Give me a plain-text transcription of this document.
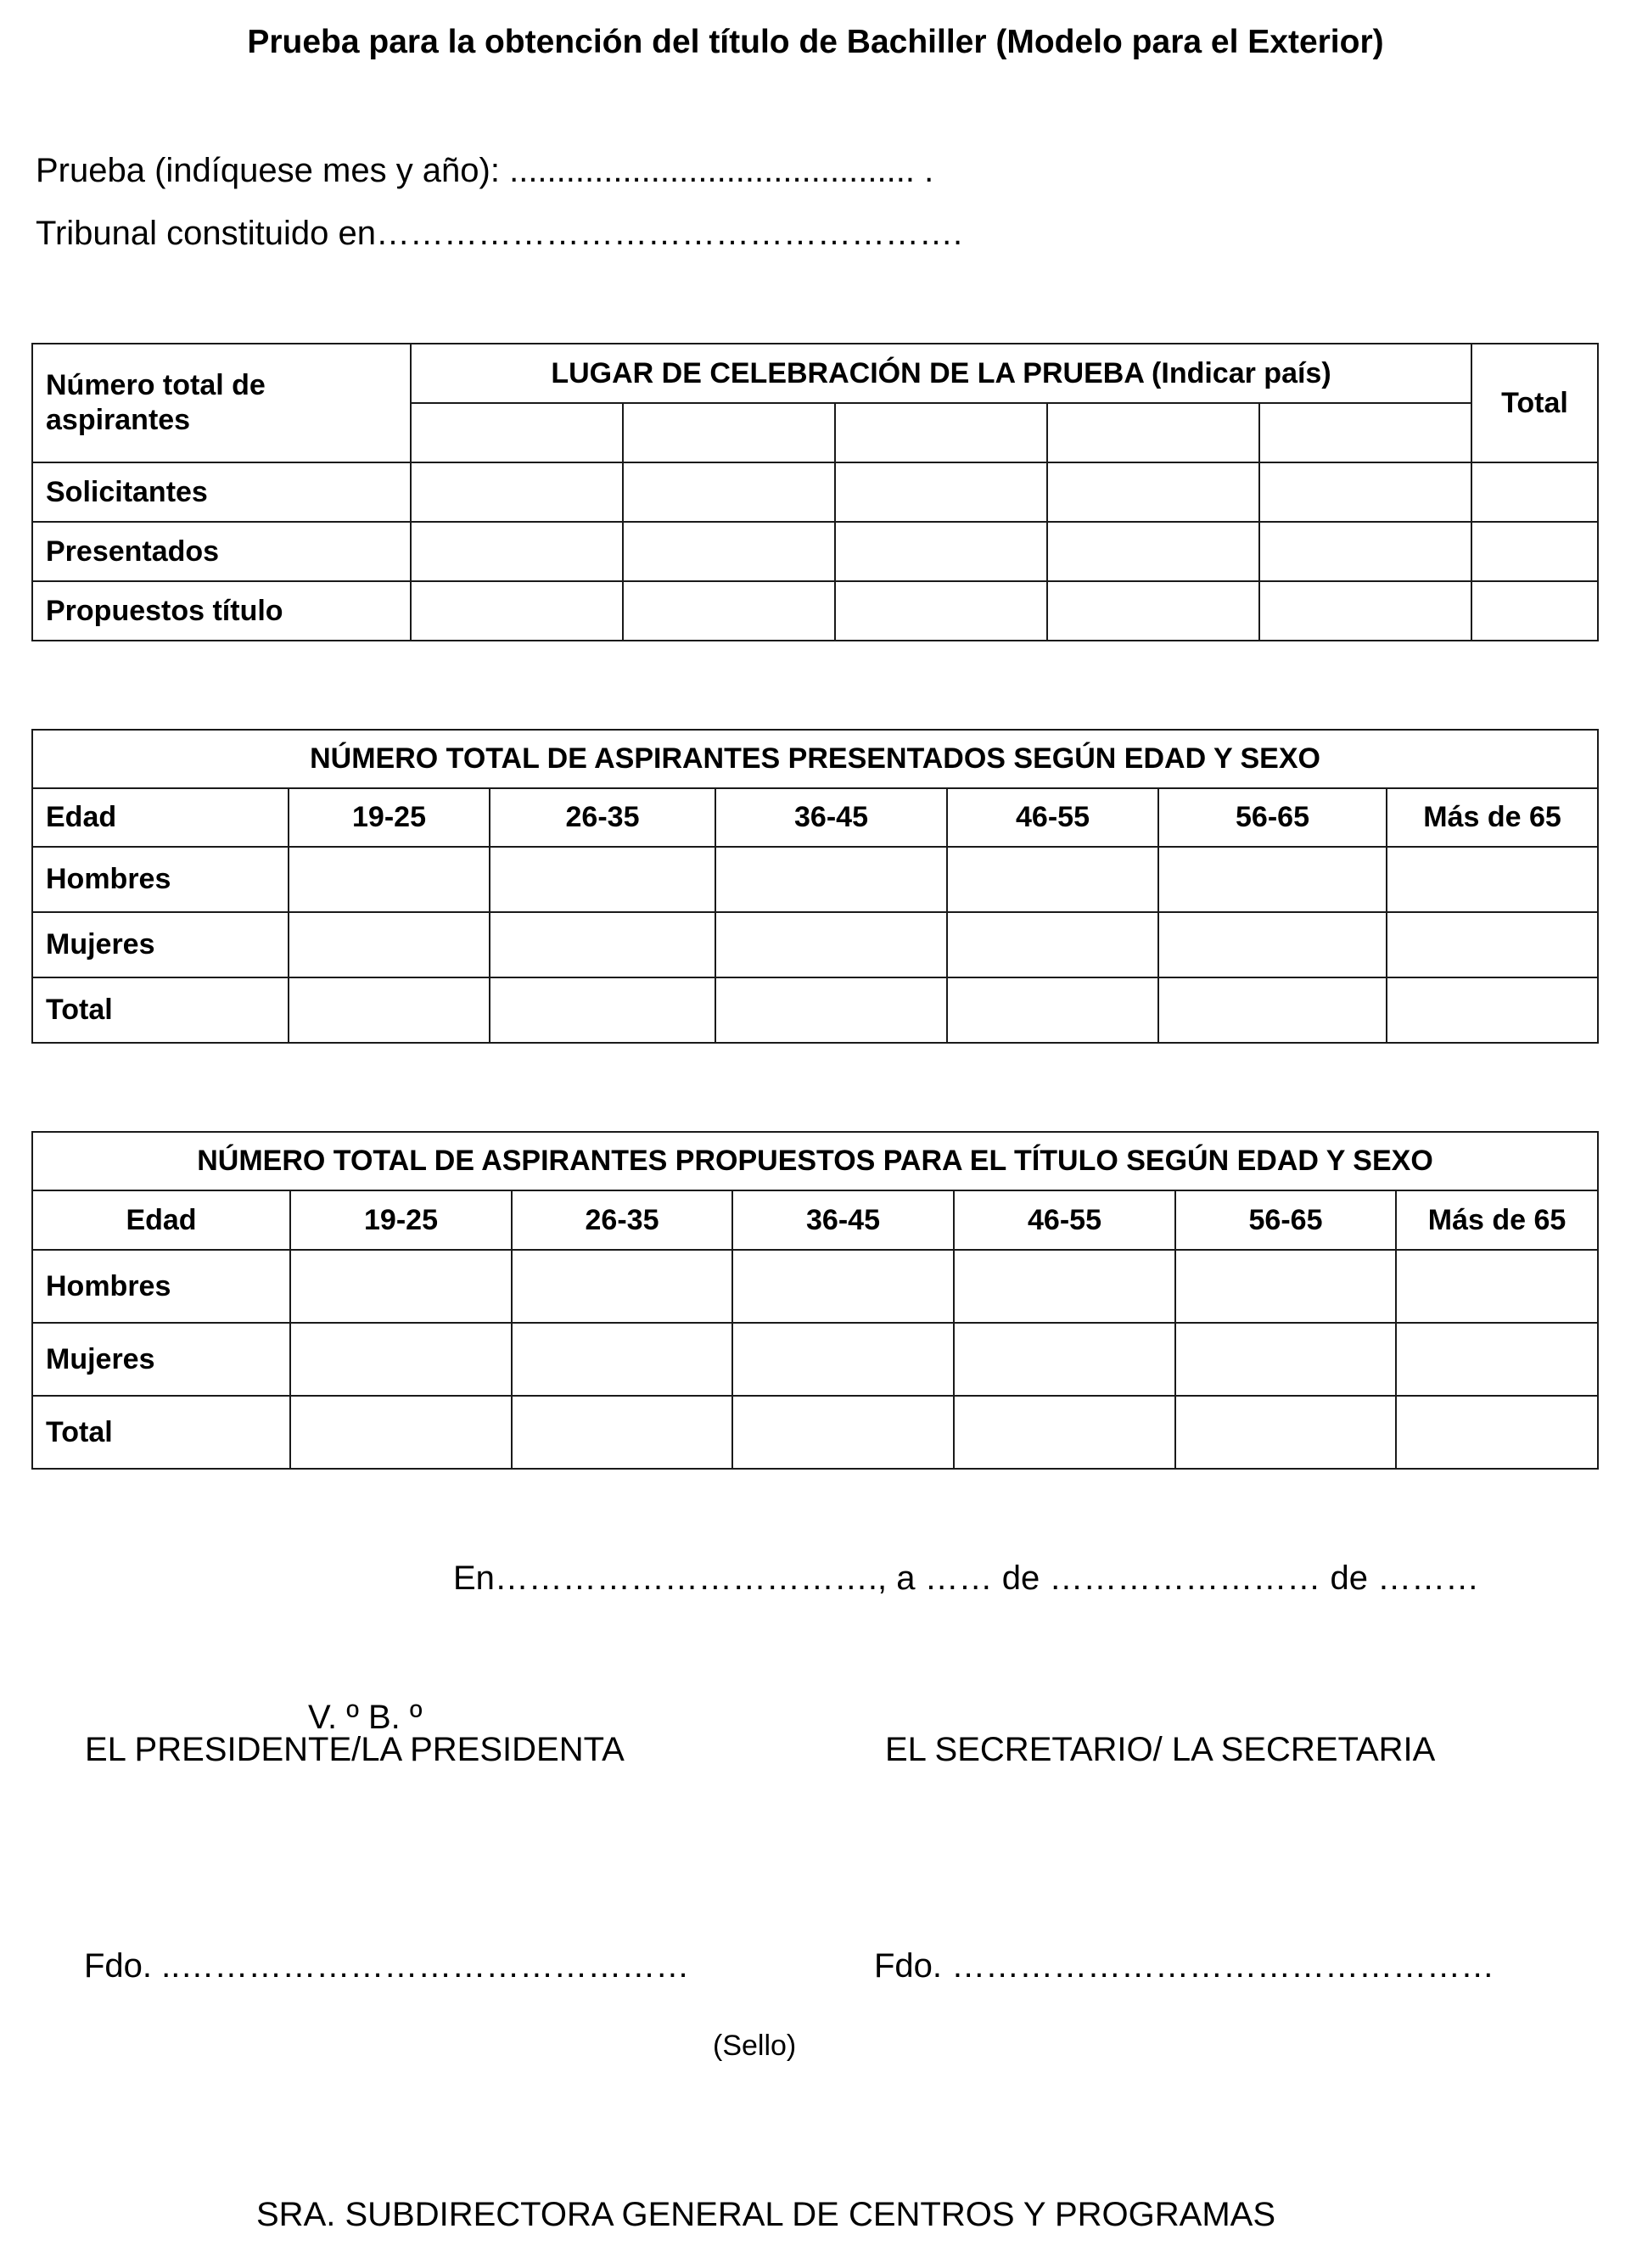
Prueba para la obtención del título de Bachiller (Modelo para el Exterior)
Prueba (indíquese mes y año): ........................................... .
Tribunal constituido en…………………………………………….
Número total de aspirantes	LUGAR DE CELEBRACIÓN DE LA PRUEBA (Indicar país)					Total

Solicitantes						
Presentados						
Propuestos título						
NÚMERO TOTAL DE ASPIRANTES PRESENTADOS SEGÚN EDAD Y SEXO						
Edad	19-25	26-35	36-45	46-55	56-65	Más de 65
Hombres						
Mujeres						
Total						
NÚMERO TOTAL DE ASPIRANTES PROPUESTOS PARA EL TÍTULO SEGÚN EDAD Y SEXO						
Edad	19-25	26-35	36-45	46-55	56-65	Más de 65
Hombres						
Mujeres						
Total						
En……………………………., a …… de …………………… de ………
V. º B. º
EL PRESIDENTE/LA PRESIDENTA	EL SECRETARIO/ LA SECRETARIA
Fdo. ..………………………………………	Fdo. …………………………………………
(Sello)
SRA. SUBDIRECTORA GENERAL DE CENTROS Y PROGRAMAS
